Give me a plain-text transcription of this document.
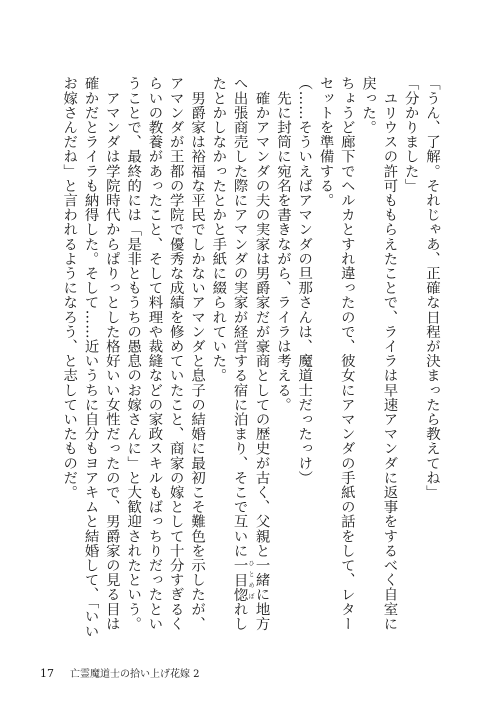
「うん、了解。それじゃあ、正確な日程が決まったら教えてね」

「分かりました」

　ユリウスの許可ももらえたことで、ライラは早速アマンダに返事をするべく自室に戻った。

ちょうど廊下でヘルカとすれ違ったので、彼女にアマンダの手紙の話をして、レターセットを準備する。

（……そういえばアマンダの旦那さんは、魔道士だったっけ）

　先に封筒に宛名を書きながら、ライラは考える。

　確かアマンダの夫の実家は男爵家だが豪商としての歴史が古く、父親と一緒に地方へ出張商売した際にアマンダの実家が経営する宿に泊まり、そこで互いに一目惚 ひとめぼれしたとかしなかったとかと手紙に綴られていた。

　男爵家は裕福な平民でしかないアマンダと息子の結婚に最初こそ難色を示したが、アマンダが王都の学院で優秀な成績を修めていたこと、商家の嫁として十分すぎるくらいの教養があったこと、そして料理や裁縫などの家政スキルもばっちりだったということで、最終的には「是非ともうちの愚息のお嫁さんに」と大歓迎されたという。

　アマンダは学院時代からぱりっとした格好いい女性だったので、男爵家の見る目は確かだとライラも納得した。そして……近いうちに自分もヨアキムと結婚して、「いいお嫁さんだね」と言われるようになろう、と志していたものだ。

17 亡霊魔道士の拾い上げ花嫁 2
